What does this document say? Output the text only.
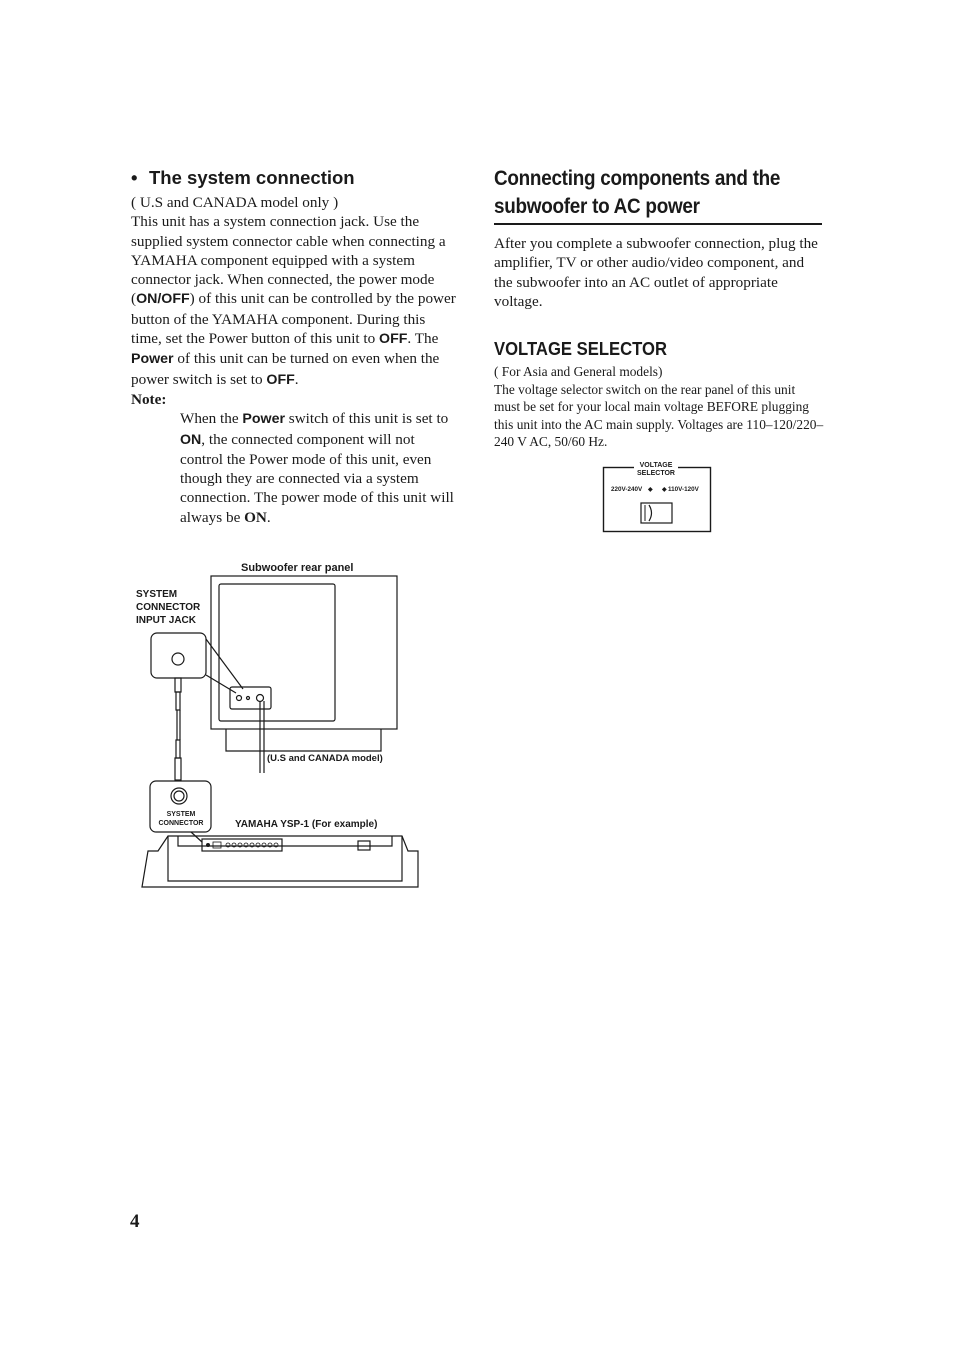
• The system connection

( U.S and CANADA model only )

This unit has a system connection jack. Use the supplied system connector cable when connecting a YAMAHA component equipped with a system connector jack. When connected, the power mode (ON/OFF) of this unit can be controlled by the power button of the YAMAHA component. During this time, set the Power button of this unit to OFF. The Power of this unit can be turned on even when the power switch is set to OFF.

Note:

When the Power switch of this unit is set to ON, the connected component will not control the Power mode of this unit, even though they are connected via a system connection. The power mode of this unit will always be ON.

Connecting components and the
subwoofer to AC power
After you complete a subwoofer connection, plug the amplifier, TV or other audio/video component, and the subwoofer into an AC outlet of appropriate voltage.
VOLTAGE SELECTOR

( For Asia and General models)

The voltage selector switch on the rear panel of this unit must be set for your local main voltage BEFORE plugging this unit into the AC main supply. Voltages are 110–120/220–240 V AC, 50/60 Hz.

VOLTAGE
SELECTOR
220V-240V ◆ ◆ 110V-120V
Subwoofer rear panel
SYSTEM
CONNECTOR
INPUT JACK
(U.S and CANADA model)
SYSTEM
CONNECTOR	YAMAHA YSP-1 (For example)
4
